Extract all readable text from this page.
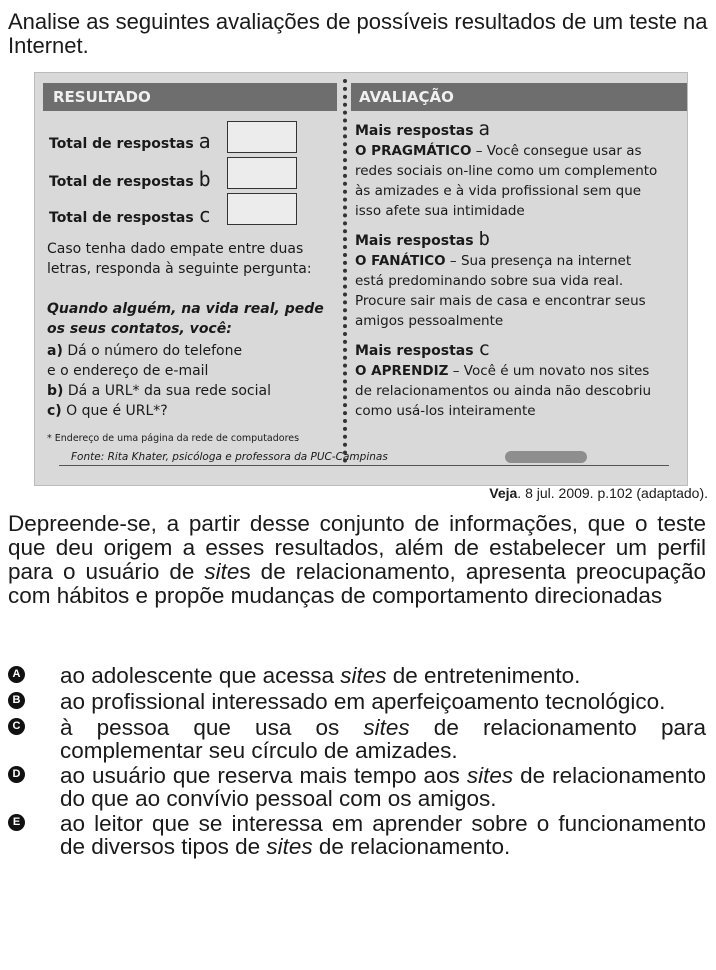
Analise as seguintes avaliações de possíveis resultados de um teste na Internet.
RESULTADO	AVALIAÇÃO
Total de respostas a
Total de respostas b
Total de respostas c
Caso tenha dado empate entre duas letras, responda à seguinte pergunta:
Quando alguém, na vida real, pede os seus contatos, você:
a) Dá o número do telefone
e o endereço de e-mail
b) Dá a URL* da sua rede social
c) O que é URL*?
* Endereço de uma página da rede de computadores
Fonte: Rita Khater, psicóloga e professora da PUC-Campinas
Mais respostas a
O PRAGMÁTICO – Você consegue usar as
redes sociais on-line como um complemento
às amizades e à vida profissional sem que
isso afete sua intimidade
Mais respostas b
O FANÁTICO – Sua presença na internet
está predominando sobre sua vida real.
Procure sair mais de casa e encontrar seus
amigos pessoalmente
Mais respostas c
O APRENDIZ – Você é um novato nos sites
de relacionamentos ou ainda não descobriu
como usá-los inteiramente
Veja. 8 jul. 2009. p.102 (adaptado).
Depreende-se, a partir desse conjunto de informações, que o teste que deu origem a esses resultados, além de estabelecer um perfil para o usuário de sites de relacionamento, apresenta preocupação com hábitos e propõe mudanças de comportamento direcionadas
A ao adolescente que acessa sites de entretenimento.
B ao profissional interessado em aperfeiçoamento tecnológico.
C à pessoa que usa os sites de relacionamento para complementar seu círculo de amizades.
D ao usuário que reserva mais tempo aos sites de relacionamento do que ao convívio pessoal com os amigos.
E ao leitor que se interessa em aprender sobre o funcionamento de diversos tipos de sites de relacionamento.
